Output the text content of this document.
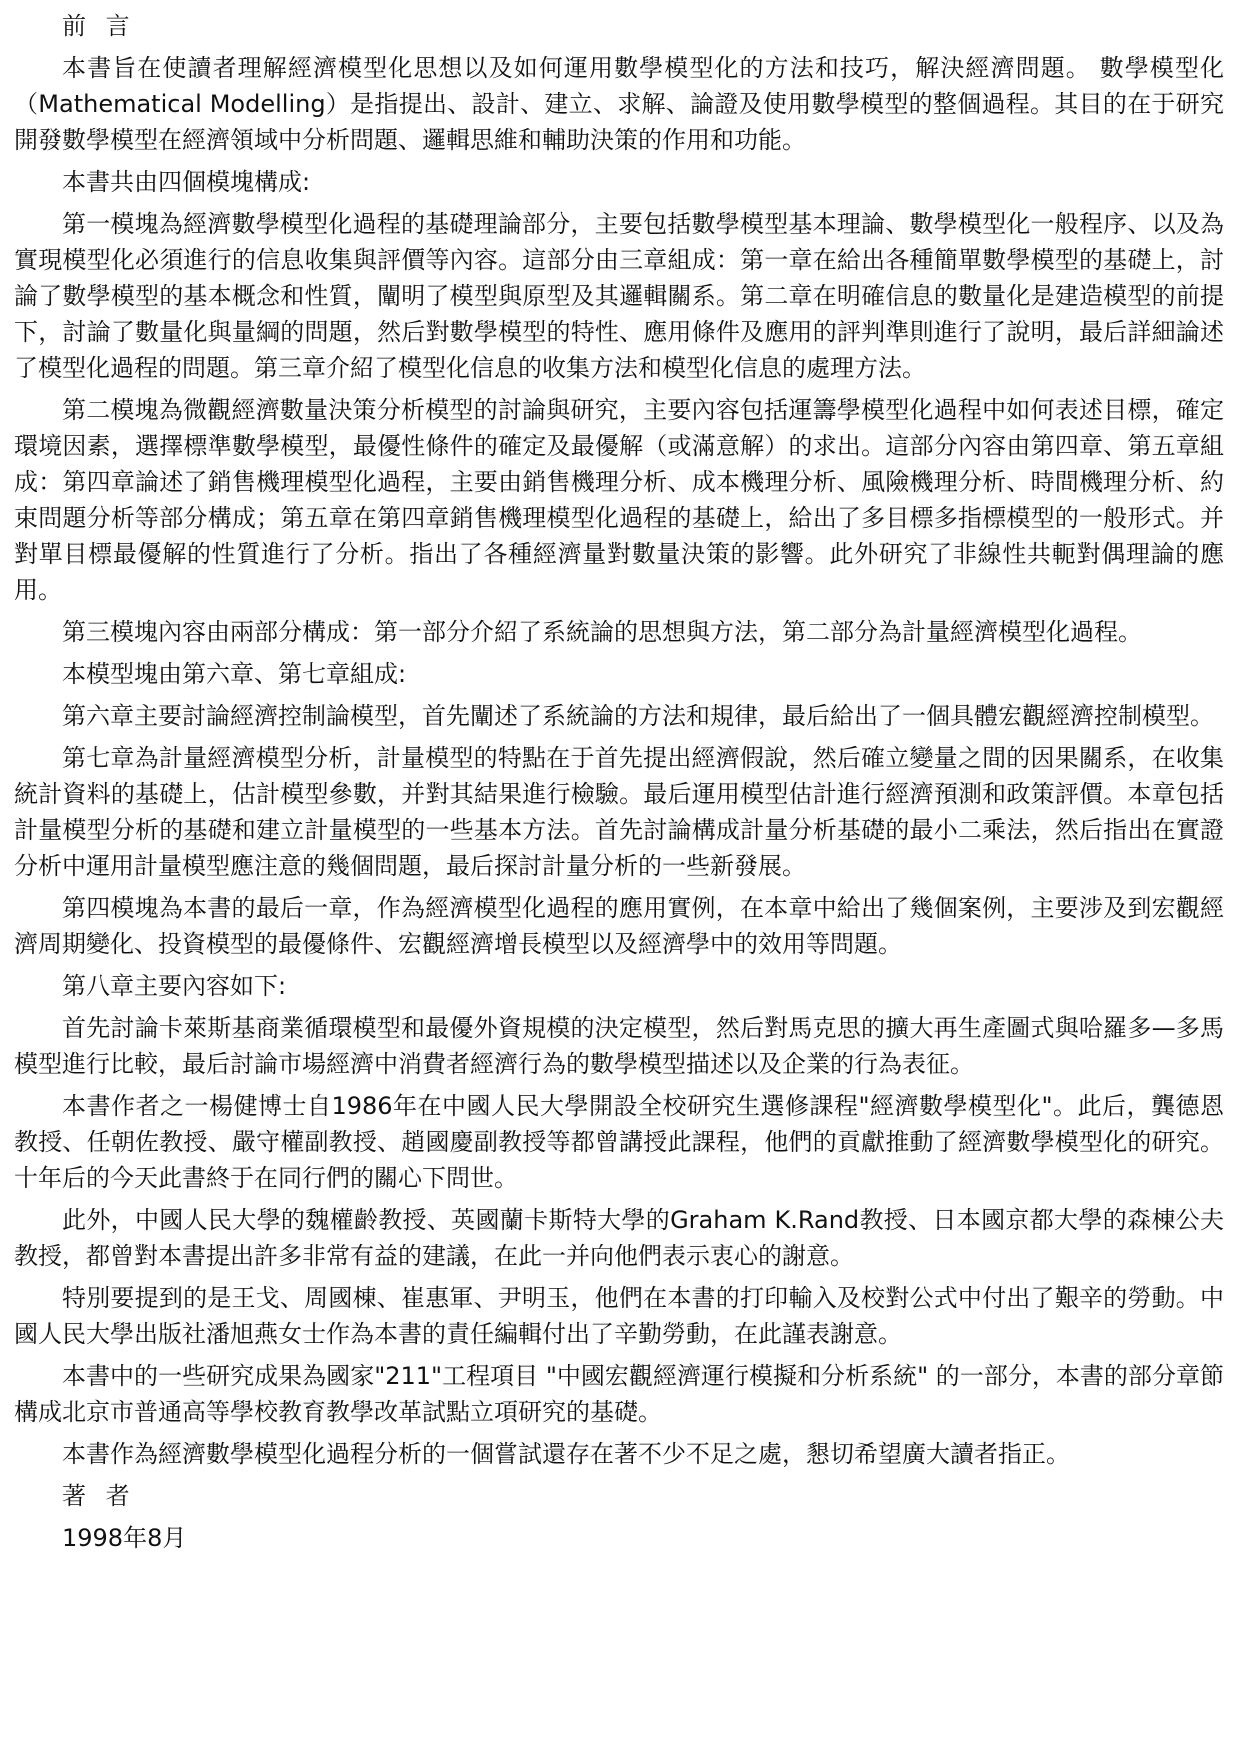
前 言

本書旨在使讀者理解經濟模型化思想以及如何運用數學模型化的方法和技巧，解決經濟問題。 數學模型化（Mathematical Modelling）是指提出、設計、建立、求解、論證及使用數學模型的整個過程。其目的在于研究開發數學模型在經濟領域中分析問題、邏輯思維和輔助決策的作用和功能。

本書共由四個模塊構成:

第一模塊為經濟數學模型化過程的基礎理論部分，主要包括數學模型基本理論、數學模型化一般程序、以及為實現模型化必須進行的信息收集與評價等內容。這部分由三章組成：第一章在給出各種簡單數學模型的基礎上，討論了數學模型的基本概念和性質，闡明了模型與原型及其邏輯關系。第二章在明確信息的數量化是建造模型的前提下，討論了數量化與量綱的問題，然后對數學模型的特性、應用條件及應用的評判準則進行了說明，最后詳細論述了模型化過程的問題。第三章介紹了模型化信息的收集方法和模型化信息的處理方法。

第二模塊為微觀經濟數量決策分析模型的討論與研究，主要內容包括運籌學模型化過程中如何表述目標，確定環境因素，選擇標準數學模型，最優性條件的確定及最優解（或滿意解）的求出。這部分內容由第四章、第五章組成：第四章論述了銷售機理模型化過程，主要由銷售機理分析、成本機理分析、風險機理分析、時間機理分析、約束問題分析等部分構成；第五章在第四章銷售機理模型化過程的基礎上，給出了多目標多指標模型的一般形式。并對單目標最優解的性質進行了分析。指出了各種經濟量對數量決策的影響。此外研究了非線性共軛對偶理論的應用。

第三模塊內容由兩部分構成：第一部分介紹了系統論的思想與方法，第二部分為計量經濟模型化過程。

本模型塊由第六章、第七章組成:

第六章主要討論經濟控制論模型，首先闡述了系統論的方法和規律，最后給出了一個具體宏觀經濟控制模型。

第七章為計量經濟模型分析，計量模型的特點在于首先提出經濟假說，然后確立變量之間的因果關系，在收集統計資料的基礎上，估計模型參數，并對其結果進行檢驗。最后運用模型估計進行經濟預測和政策評價。本章包括計量模型分析的基礎和建立計量模型的一些基本方法。首先討論構成計量分析基礎的最小二乘法，然后指出在實證分析中運用計量模型應注意的幾個問題，最后探討計量分析的一些新發展。

第四模塊為本書的最后一章，作為經濟模型化過程的應用實例，在本章中給出了幾個案例，主要涉及到宏觀經濟周期變化、投資模型的最優條件、宏觀經濟增長模型以及經濟學中的效用等問題。

第八章主要內容如下:

首先討論卡萊斯基商業循環模型和最優外資規模的決定模型，然后對馬克思的擴大再生產圖式與哈羅多—多馬模型進行比較，最后討論市場經濟中消費者經濟行為的數學模型描述以及企業的行為表征。

本書作者之一楊健博士自1986年在中國人民大學開設全校研究生選修課程"經濟數學模型化"。此后，龔德恩教授、任朝佐教授、嚴守權副教授、趙國慶副教授等都曾講授此課程，他們的貢獻推動了經濟數學模型化的研究。十年后的今天此書終于在同行們的關心下問世。

此外，中國人民大學的魏權齡教授、英國蘭卡斯特大學的Graham K.Rand教授、日本國京都大學的森棟公夫教授，都曾對本書提出許多非常有益的建議，在此一并向他們表示衷心的謝意。

特別要提到的是王戈、周國棟、崔惠軍、尹明玉，他們在本書的打印輸入及校對公式中付出了艱辛的勞動。中國人民大學出版社潘旭燕女士作為本書的責任編輯付出了辛勤勞動，在此謹表謝意。

本書中的一些研究成果為國家"211"工程項目 "中國宏觀經濟運行模擬和分析系統" 的一部分，本書的部分章節構成北京市普通高等學校教育教學改革試點立項研究的基礎。

本書作為經濟數學模型化過程分析的一個嘗試還存在著不少不足之處，懇切希望廣大讀者指正。

著 者
1998年8月
